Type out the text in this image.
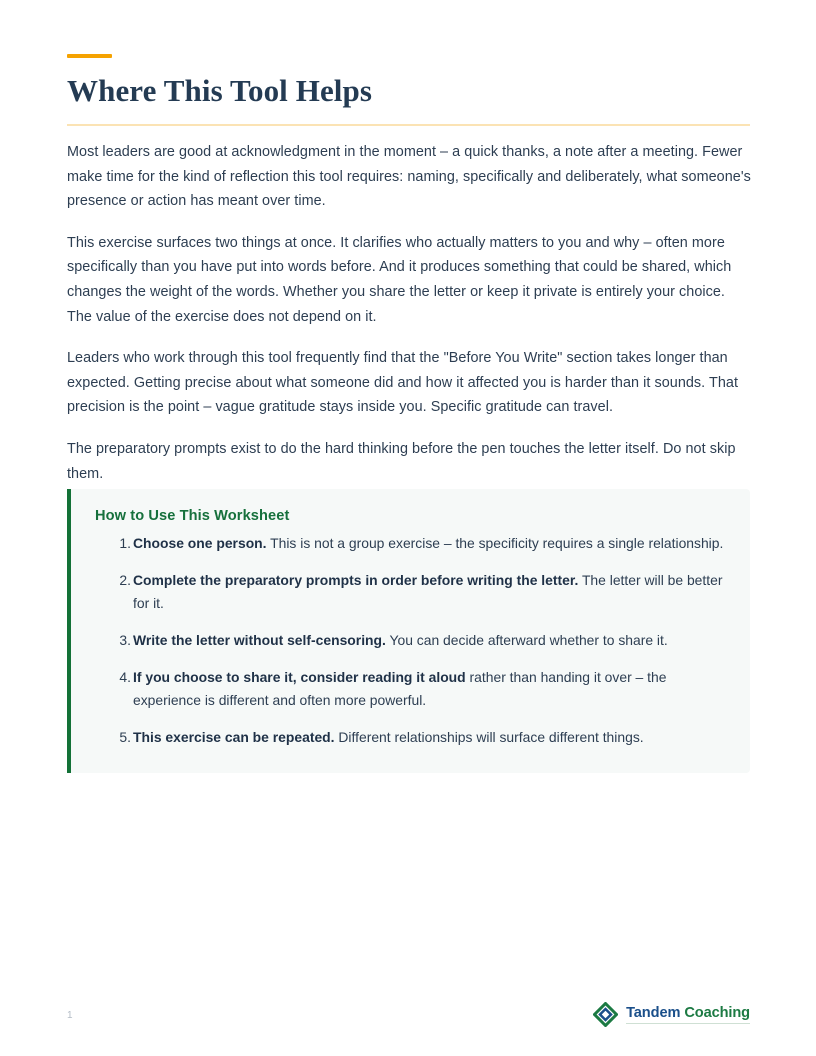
Where This Tool Helps

Most leaders are good at acknowledgment in the moment – a quick thanks, a note after a meeting. Fewer make time for the kind of reflection this tool requires: naming, specifically and deliberately, what someone's presence or action has meant over time.

This exercise surfaces two things at once. It clarifies who actually matters to you and why – often more specifically than you have put into words before. And it produces something that could be shared, which changes the weight of the words. Whether you share the letter or keep it private is entirely your choice. The value of the exercise does not depend on it.

Leaders who work through this tool frequently find that the "Before You Write" section takes longer than expected. Getting precise about what someone did and how it affected you is harder than it sounds. That precision is the point – vague gratitude stays inside you. Specific gratitude can travel.

The preparatory prompts exist to do the hard thinking before the pen touches the letter itself. Do not skip them.

How to Use This Worksheet
Choose one person. This is not a group exercise – the specificity requires a single relationship.
Complete the preparatory prompts in order before writing the letter. The letter will be better for it.
Write the letter without self-censoring. You can decide afterward whether to share it.
If you choose to share it, consider reading it aloud rather than handing it over – the experience is different and often more powerful.
This exercise can be repeated. Different relationships will surface different things.
1	Tandem Coaching
